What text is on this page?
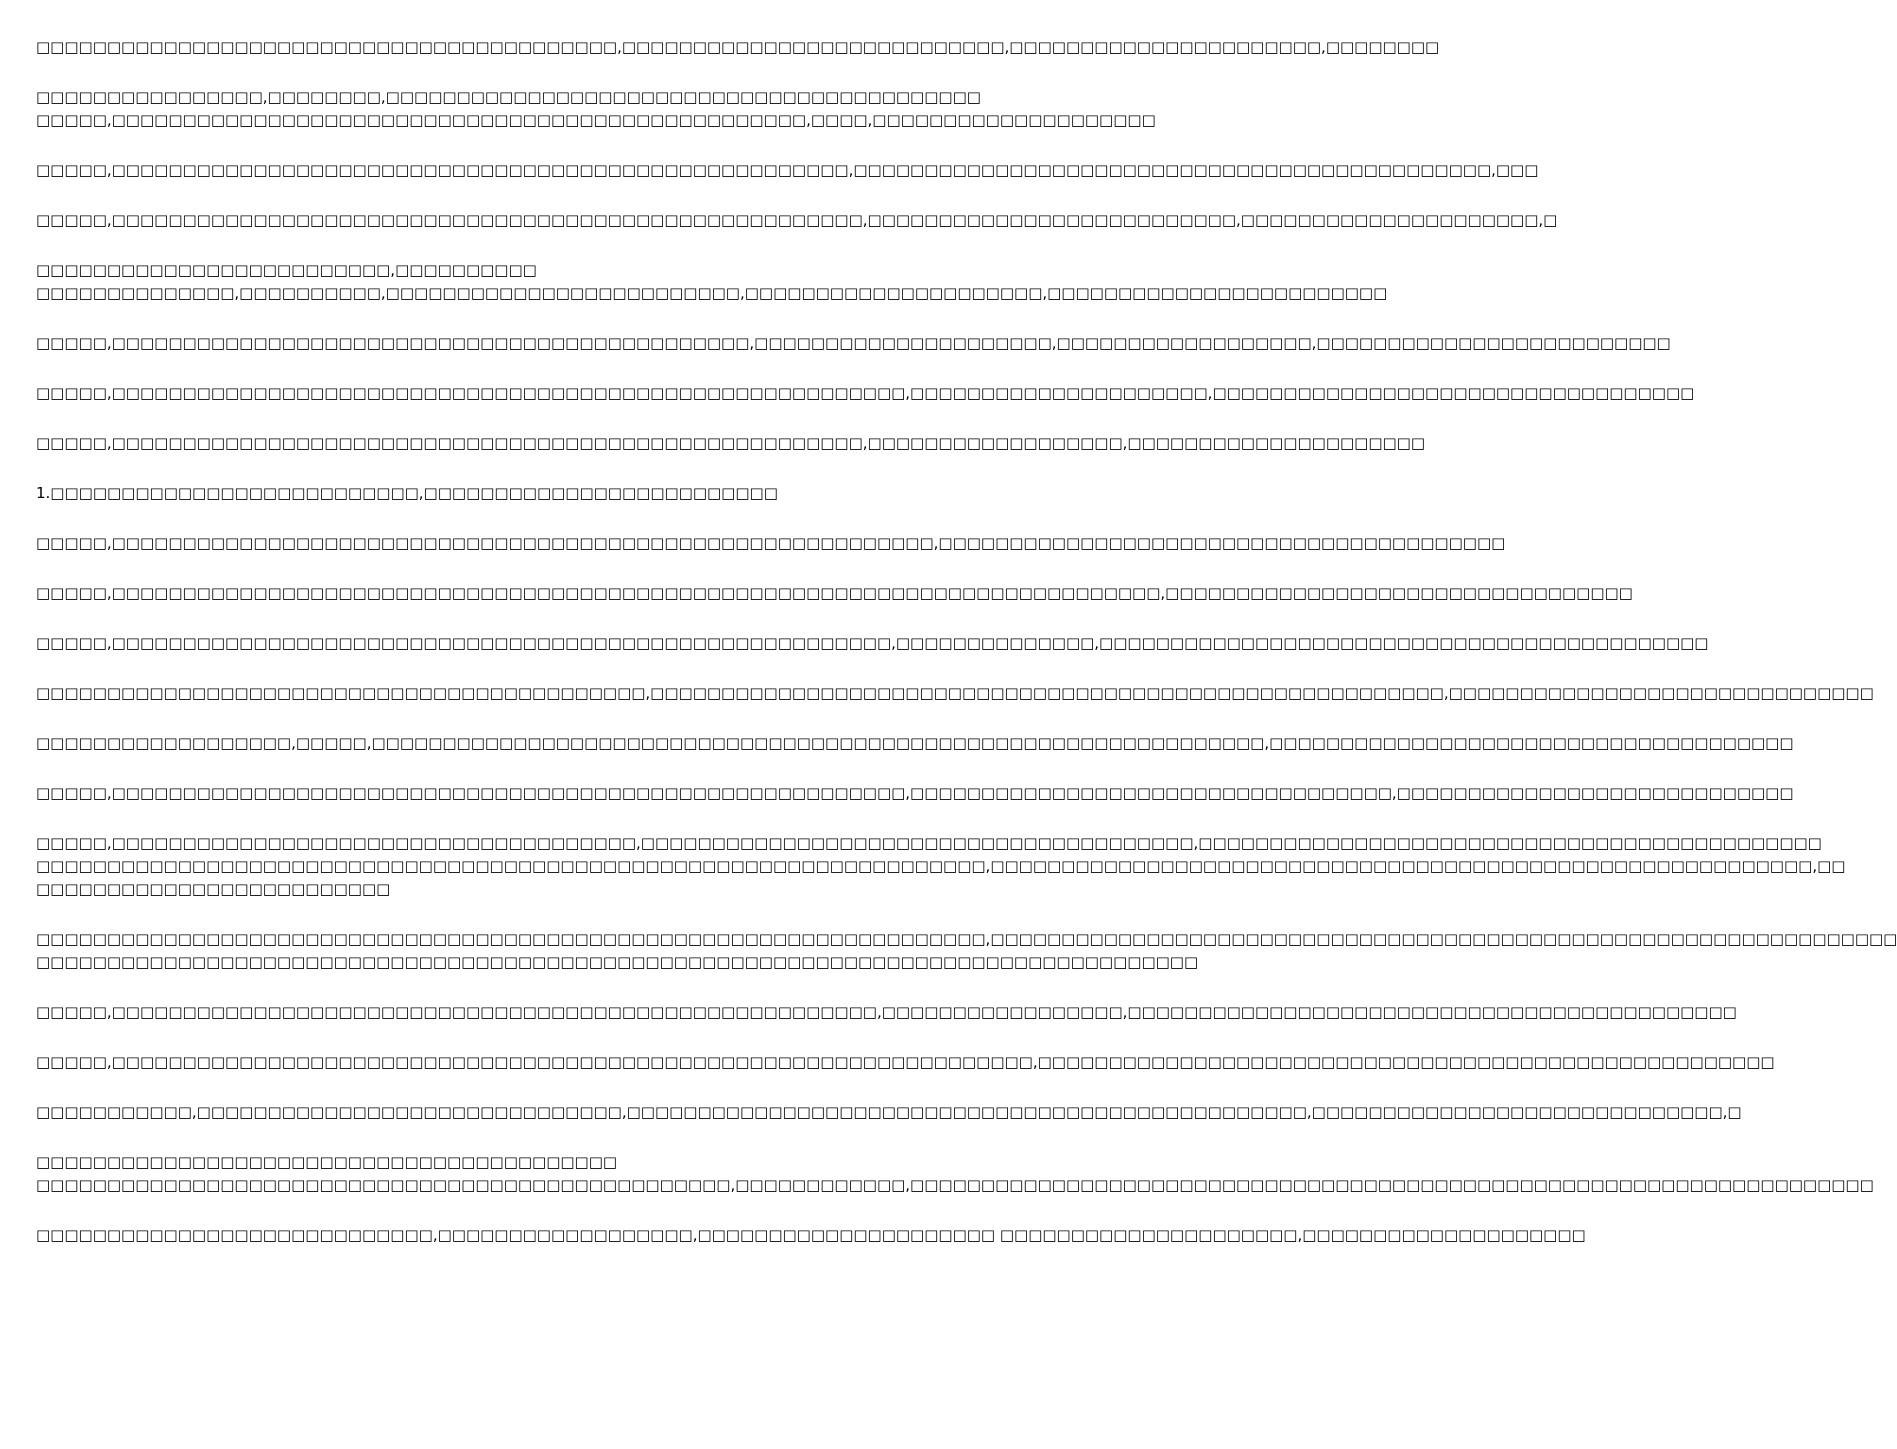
□□□□□□□□□□□□□□□□□□□□□□□□□□□□□□□□□□□□□□□□□,□□□□□□□□□□□□□□□□□□□□□□□□□□□,□□□□□□□□□□□□□□□□□□□□□□,□□□□□□□□

□□□□□□□□□□□□□□□□,□□□□□□□□,□□□□□□□□□□□□□□□□□□□□□□□□□□□□□□□□□□□□□□□□□□
□□□□□,□□□□□□□□□□□□□□□□□□□□□□□□□□□□□□□□□□□□□□□□□□□□□□□□□,□□□□,□□□□□□□□□□□□□□□□□□□□

□□□□□,□□□□□□□□□□□□□□□□□□□□□□□□□□□□□□□□□□□□□□□□□□□□□□□□□□□□,□□□□□□□□□□□□□□□□□□□□□□□□□□□□□□□□□□□□□□□□□□□□□,□□□

□□□□□,□□□□□□□□□□□□□□□□□□□□□□□□□□□□□□□□□□□□□□□□□□□□□□□□□□□□□,□□□□□□□□□□□□□□□□□□□□□□□□□□,□□□□□□□□□□□□□□□□□□□□□,□

□□□□□□□□□□□□□□□□□□□□□□□□□,□□□□□□□□□□
□□□□□□□□□□□□□□,□□□□□□□□□□,□□□□□□□□□□□□□□□□□□□□□□□□□,□□□□□□□□□□□□□□□□□□□□□,□□□□□□□□□□□□□□□□□□□□□□□□

□□□□□,□□□□□□□□□□□□□□□□□□□□□□□□□□□□□□□□□□□□□□□□□□□□□,□□□□□□□□□□□□□□□□□□□□□,□□□□□□□□□□□□□□□□□□,□□□□□□□□□□□□□□□□□□□□□□□□□

□□□□□,□□□□□□□□□□□□□□□□□□□□□□□□□□□□□□□□□□□□□□□□□□□□□□□□□□□□□□□□,□□□□□□□□□□□□□□□□□□□□□,□□□□□□□□□□□□□□□□□□□□□□□□□□□□□□□□□□

□□□□□,□□□□□□□□□□□□□□□□□□□□□□□□□□□□□□□□□□□□□□□□□□□□□□□□□□□□□,□□□□□□□□□□□□□□□□□□,□□□□□□□□□□□□□□□□□□□□□

1.□□□□□□□□□□□□□□□□□□□□□□□□□□,□□□□□□□□□□□□□□□□□□□□□□□□□

□□□□□,□□□□□□□□□□□□□□□□□□□□□□□□□□□□□□□□□□□□□□□□□□□□□□□□□□□□□□□□□□,□□□□□□□□□□□□□□□□□□□□□□□□□□□□□□□□□□□□□□□□

□□□□□,□□□□□□□□□□□□□□□□□□□□□□□□□□□□□□□□□□□□□□□□□□□□□□□□□□□□□□□□□□□□□□□□□□□□□□□□□□,□□□□□□□□□□□□□□□□□□□□□□□□□□□□□□□□□

□□□□□,□□□□□□□□□□□□□□□□□□□□□□□□□□□□□□□□□□□□□□□□□□□□□□□□□□□□□□□,□□□□□□□□□□□□□□,□□□□□□□□□□□□□□□□□□□□□□□□□□□□□□□□□□□□□□□□□□□

□□□□□□□□□□□□□□□□□□□□□□□□□□□□□□□□□□□□□□□□□□□,□□□□□□□□□□□□□□□□□□□□□□□□□□□□□□□□□□□□□□□□□□□□□□□□□□□□□□□□,□□□□□□□□□□□□□□□□□□□□□□□□□□□□□□

□□□□□□□□□□□□□□□□□□,□□□□□,□□□□□□□□□□□□□□□□□□□□□□□□□□□□□□□□□□□□□□□□□□□□□□□□□□□□□□□□□□□□□□□,□□□□□□□□□□□□□□□□□□□□□□□□□□□□□□□□□□□□□

□□□□□,□□□□□□□□□□□□□□□□□□□□□□□□□□□□□□□□□□□□□□□□□□□□□□□□□□□□□□□□,□□□□□□□□□□□□□□□□□□□□□□□□□□□□□□□□□□,□□□□□□□□□□□□□□□□□□□□□□□□□□□□

□□□□□,□□□□□□□□□□□□□□□□□□□□□□□□□□□□□□□□□□□□□,□□□□□□□□□□□□□□□□□□□□□□□□□□□□□□□□□□□□□□□,□□□□□□□□□□□□□□□□□□□□□□□□□□□□□□□□□□□□□□□□□□□□
□□□□□□□□□□□□□□□□□□□□□□□□□□□□□□□□□□□□□□□□□□□□□□□□□□□□□□□□□□□□□□□□□□□,□□□□□□□□□□□□□□□□□□□□□□□□□□□□□□□□□□□□□□□□□□□□□□□□□□□□□□□□□□,□□
□□□□□□□□□□□□□□□□□□□□□□□□□

□□□□□□□□□□□□□□□□□□□□□□□□□□□□□□□□□□□□□□□□□□□□□□□□□□□□□□□□□□□□□□□□□□□,□□□□□□□□□□□□□□□□□□□□□□□□□□□□□□□□□□□□□□□□□□□□□□□□□□□□□□□□□□□□□□□□
□□□□□□□□□□□□□□□□□□□□□□□□□□□□□□□□□□□□□□□□□□□□□□□□□□□□□□□□□□□□□□□□□□□□□□□□□□□□□□□□□□

□□□□□,□□□□□□□□□□□□□□□□□□□□□□□□□□□□□□□□□□□□□□□□□□□□□□□□□□□□□□,□□□□□□□□□□□□□□□□□,□□□□□□□□□□□□□□□□□□□□□□□□□□□□□□□□□□□□□□□□□□□

□□□□□,□□□□□□□□□□□□□□□□□□□□□□□□□□□□□□□□□□□□□□□□□□□□□□□□□□□□□□□□□□□□□□□□□,□□□□□□□□□□□□□□□□□□□□□□□□□□□□□□□□□□□□□□□□□□□□□□□□□□□□

□□□□□□□□□□□,□□□□□□□□□□□□□□□□□□□□□□□□□□□□□□,□□□□□□□□□□□□□□□□□□□□□□□□□□□□□□□□□□□□□□□□□□□□□□□□,□□□□□□□□□□□□□□□□□□□□□□□□□□□□□,□

□□□□□□□□□□□□□□□□□□□□□□□□□□□□□□□□□□□□□□□□□
□□□□□□□□□□□□□□□□□□□□□□□□□□□□□□□□□□□□□□□□□□□□□□□□□,□□□□□□□□□□□□,□□□□□□□□□□□□□□□□□□□□□□□□□□□□□□□□□□□□□□□□□□□□□□□□□□□□□□□□□□□□□□□□□□□□

□□□□□□□□□□□□□□□□□□□□□□□□□□□□,□□□□□□□□□□□□□□□□□□,□□□□□□□□□□□□□□□□□□□□□ □□□□□□□□□□□□□□□□□□□□□,□□□□□□□□□□□□□□□□□□□□
